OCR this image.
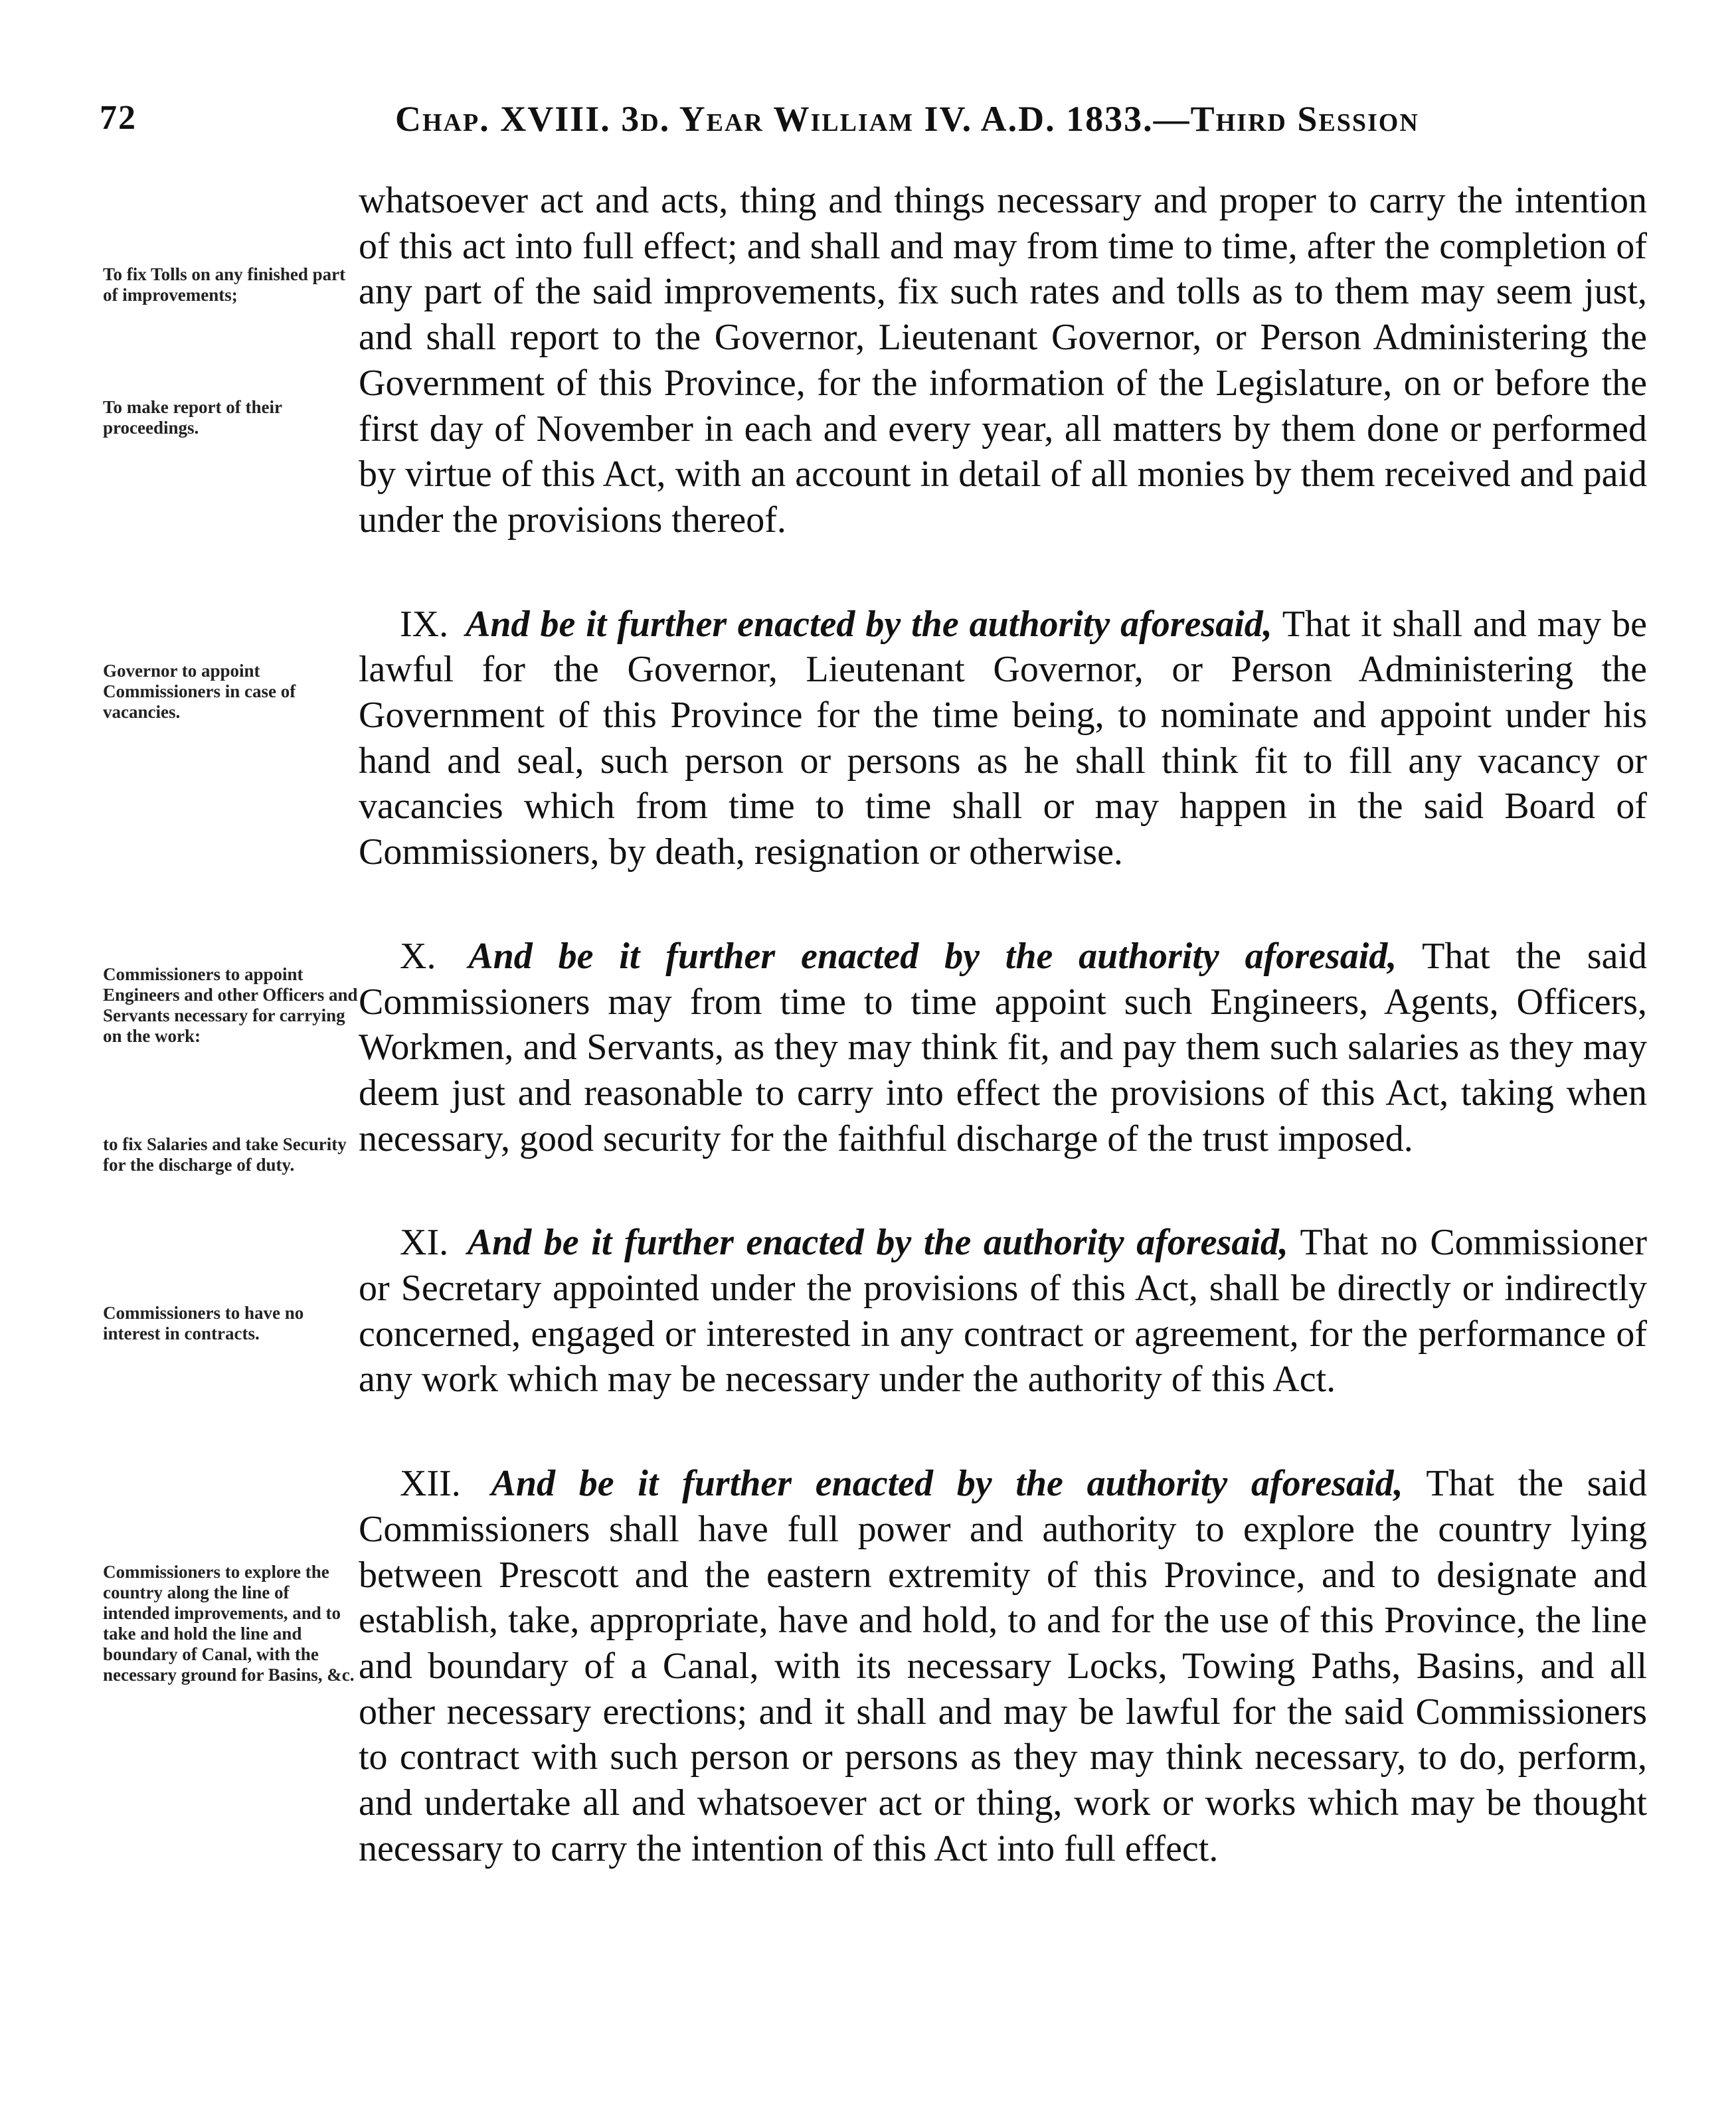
72	Chap. XVIII. 3d. Year William IV. A.D. 1833.—Third Session
To fix Tolls on any finished part of improvements;
To make report of their proceedings.
Governor to appoint Commissioners in case of vacancies.
Commissioners to appoint Engineers and other Officers and Servants necessary for carrying on the work:
to fix Salaries and take Security for the discharge of duty.
Commissioners to have no interest in contracts.
Commissioners to explore the country along the line of intended improvements, and to take and hold the line and boundary of Canal, with the necessary ground for Basins, &c.

whatsoever act and acts, thing and things necessary and proper to carry the intention of this act into full effect; and shall and may from time to time, after the completion of any part of the said improvements, fix such rates and tolls as to them may seem just, and shall report to the Governor, Lieutenant Governor, or Person Administering the Government of this Province, for the information of the Legislature, on or before the first day of November in each and every year, all matters by them done or performed by virtue of this Act, with an account in detail of all monies by them received and paid under the provisions thereof.

IX. And be it further enacted by the authority aforesaid, That it shall and may be lawful for the Governor, Lieutenant Governor, or Person Administering the Government of this Province for the time being, to nominate and appoint under his hand and seal, such person or persons as he shall think fit to fill any vacancy or vacancies which from time to time shall or may happen in the said Board of Commissioners, by death, resignation or otherwise.

X. And be it further enacted by the authority aforesaid, That the said Commissioners may from time to time appoint such Engineers, Agents, Officers, Workmen, and Servants, as they may think fit, and pay them such salaries as they may deem just and reasonable to carry into effect the provisions of this Act, taking when necessary, good security for the faithful discharge of the trust imposed.

XI. And be it further enacted by the authority aforesaid, That no Commissioner or Secretary appointed under the provisions of this Act, shall be directly or indirectly concerned, engaged or interested in any contract or agreement, for the performance of any work which may be necessary under the authority of this Act.

XII. And be it further enacted by the authority aforesaid, That the said Commissioners shall have full power and authority to explore the country lying between Prescott and the eastern extremity of this Province, and to designate and establish, take, appropriate, have and hold, to and for the use of this Province, the line and boundary of a Canal, with its necessary Locks, Towing Paths, Basins, and all other necessary erections; and it shall and may be lawful for the said Commissioners to contract with such person or persons as they may think necessary, to do, perform, and undertake all and whatsoever act or thing, work or works which may be thought necessary to carry the intention of this Act into full effect.
